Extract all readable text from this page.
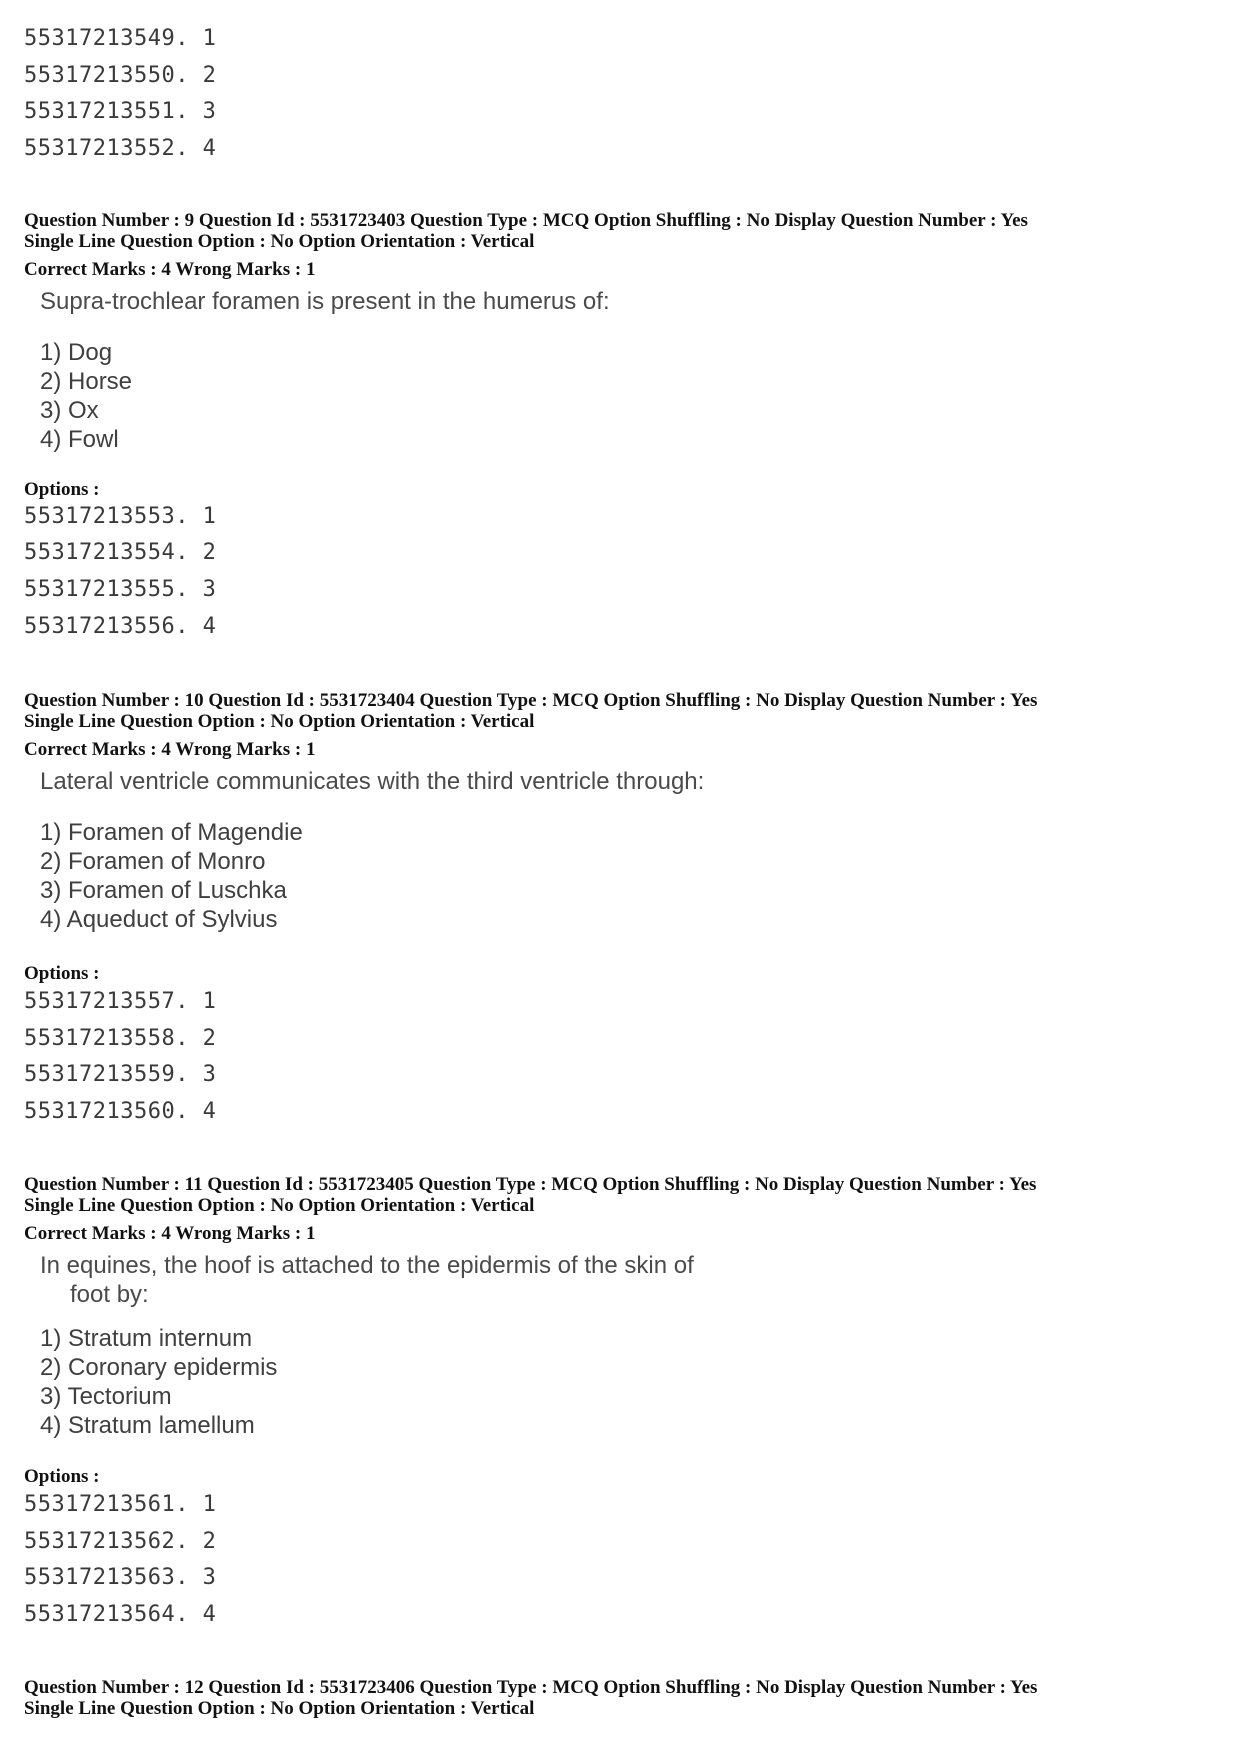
55317213549. 1
55317213550. 2
55317213551. 3
55317213552. 4
Question Number : 9 Question Id : 5531723403 Question Type : MCQ Option Shuffling : No Display Question Number : Yes
Single Line Question Option : No Option Orientation : Vertical
Correct Marks : 4 Wrong Marks : 1
Supra-trochlear foramen is present in the humerus of:
1) Dog
2) Horse
3) Ox
4) Fowl
Options :
55317213553. 1
55317213554. 2
55317213555. 3
55317213556. 4
Question Number : 10 Question Id : 5531723404 Question Type : MCQ Option Shuffling : No Display Question Number : Yes
Single Line Question Option : No Option Orientation : Vertical
Correct Marks : 4 Wrong Marks : 1
Lateral ventricle communicates with the third ventricle through:
1) Foramen of Magendie
2) Foramen of Monro
3) Foramen of Luschka
4) Aqueduct of Sylvius
Options :
55317213557. 1
55317213558. 2
55317213559. 3
55317213560. 4
Question Number : 11 Question Id : 5531723405 Question Type : MCQ Option Shuffling : No Display Question Number : Yes
Single Line Question Option : No Option Orientation : Vertical
Correct Marks : 4 Wrong Marks : 1
In equines, the hoof is attached to the epidermis of the skin of
foot by:
1) Stratum internum
2) Coronary epidermis
3) Tectorium
4) Stratum lamellum
Options :
55317213561. 1
55317213562. 2
55317213563. 3
55317213564. 4
Question Number : 12 Question Id : 5531723406 Question Type : MCQ Option Shuffling : No Display Question Number : Yes
Single Line Question Option : No Option Orientation : Vertical
